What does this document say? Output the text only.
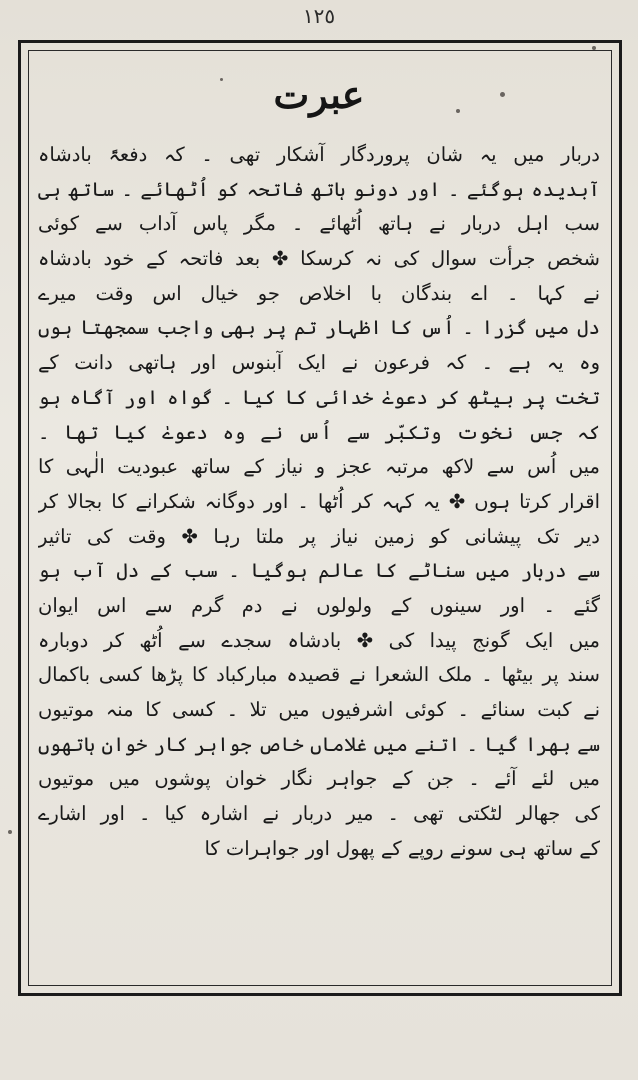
١٢٥
عبرت
دربار میں یہ شان پروردگار آشکار تھی ۔ کہ دفعۃً بادشاہ
آبدیدہ ہوگئے ۔ اور دونو ہاتھ فاتحہ کو اُٹھائے ۔ ساتھ ہی
سب اہل دربار نے ہاتھ اُٹھائے ۔ مگر پاس آداب سے کوئی
شخص جرأت سوال کی نہ کرسکا ✤ بعد فاتحہ کے خود بادشاہ
نے کہا ۔ اے بندگان با اخلاص جو خیال اس وقت میرے
دل میں گزرا ۔ اُس کا اظہار تم پر بھی واجب سمجھتا ہوں
وہ یہ ہے ۔ کہ فرعون نے ایک آبنوس اور ہاتھی دانت کے
تخت پر بیٹھ کر دعوےٰ خدائی کا کیا ۔ گواہ اور آگاہ ہو
کہ جس نخوت وتکبّر سے اُس نے وہ دعوےٰ کیا تھا ۔
میں اُس سے لاکھ مرتبہ عجز و نیاز کے ساتھ عبودیت الٰہی کا
اقرار کرتا ہوں ✤ یہ کہہ کر اُٹھا ۔ اور دوگانہ شکرانے کا بجالا کر
دیر تک پیشانی کو زمین نیاز پر ملتا رہا ✤ وقت کی تاثیر
سے دربار میں سناٹے کا عالم ہوگیا ۔ سب کے دل آب ہو
گئے ۔ اور سینوں کے ولولوں نے دم گرم سے اس ایوان
میں ایک گونج پیدا کی ✤ بادشاہ سجدے سے اُٹھ کر دوبارہ
سند پر بیٹھا ۔ ملک الشعرا نے قصیدہ مبارکباد کا پڑھا کسی باکمال
نے کبت سنائے ۔ کوئی اشرفیوں میں تلا ۔ کسی کا منہ موتیوں
سے بھرا گیا ۔ اتنے میں غلاماں خاص جواہر کار خوان ہاتھوں
میں لئے آئے ۔ جن کے جواہر نگار خوان پوشوں میں موتیوں
کی جھالر لٹکتی تھی ۔ میر دربار نے اشارہ کیا ۔ اور اشارے
کے ساتھ ہی سونے روپے کے پھول اور جواہرات کا
